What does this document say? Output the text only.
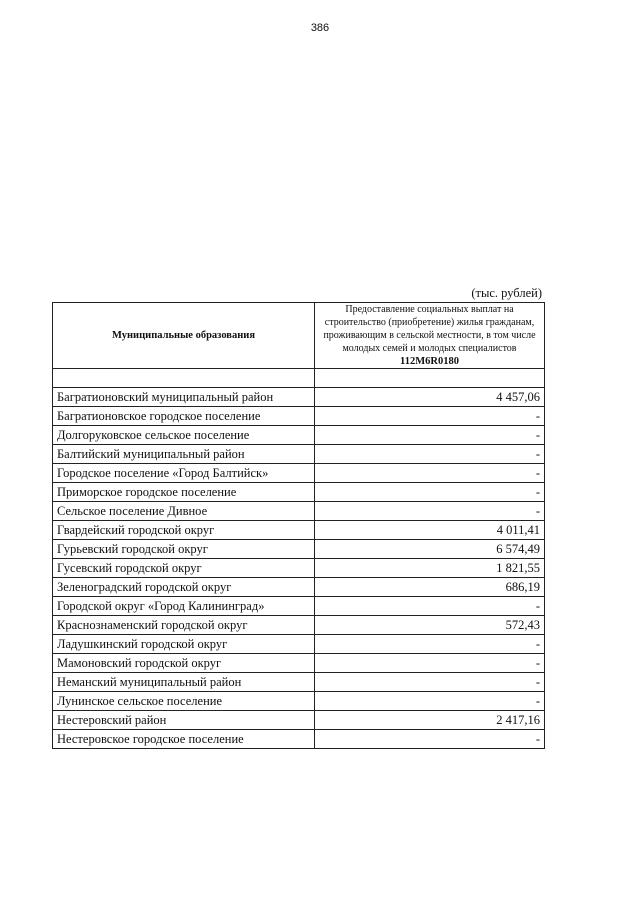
386
(тыс. рублей)
Муниципальные образования	Предоставление социальных выплат на строительство (приобретение) жилья гражданам, проживающим в сельской местности, в том числе молодых семей и молодых специалистов
112M6R0180

Багратионовский муниципальный район	4 457,06
Багратионовское городское поселение	-
Долгоруковское сельское поселение	-
Балтийский муниципальный район	-
Городское поселение «Город Балтийск»	-
Приморское городское поселение	-
Сельское поселение Дивное	-
Гвардейский городской округ	4 011,41
Гурьевский городской округ	6 574,49
Гусевский городской округ	1 821,55
Зеленоградский городской округ	686,19
Городской округ «Город Калининград»	-
Краснознаменский городской округ	572,43
Ладушкинский городской округ	-
Мамоновский городской округ	-
Неманский муниципальный район	-
Лунинское сельское поселение	-
Нестеровский район	2 417,16
Нестеровское городское поселение	-
